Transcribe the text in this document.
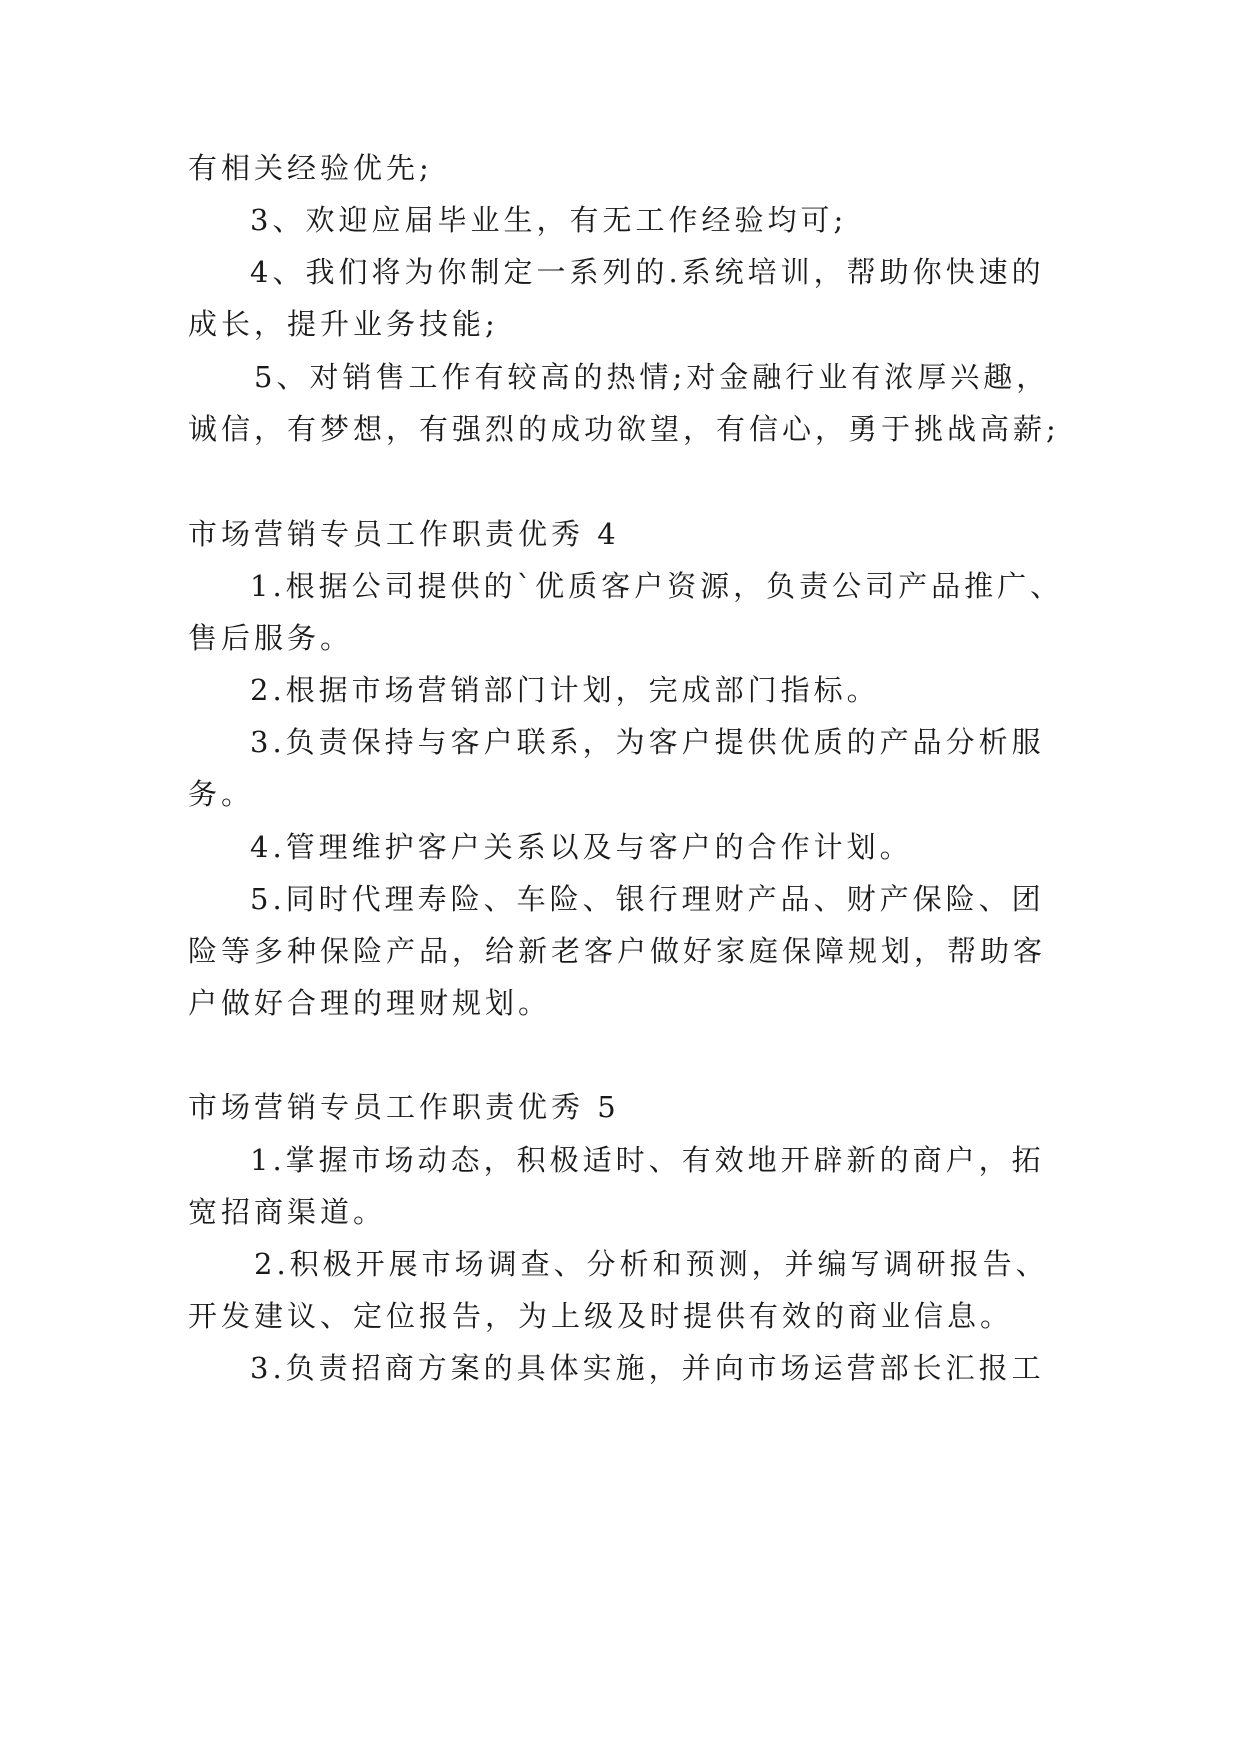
有相关经验优先;
3、欢迎应届毕业生，有无工作经验均可;
4、我们将为你制定一系列的.系统培训，帮助你快速的
成长，提升业务技能;
5、对销售工作有较高的热情;对金融行业有浓厚兴趣，
诚信，有梦想，有强烈的成功欲望，有信心，勇于挑战高薪;
市场营销专员工作职责优秀 4
1.根据公司提供的`优质客户资源，负责公司产品推广、
售后服务。
2.根据市场营销部门计划，完成部门指标。
3.负责保持与客户联系，为客户提供优质的产品分析服
务。
4.管理维护客户关系以及与客户的合作计划。
5.同时代理寿险、车险、银行理财产品、财产保险、团
险等多种保险产品，给新老客户做好家庭保障规划，帮助客
户做好合理的理财规划。
市场营销专员工作职责优秀 5
1.掌握市场动态，积极适时、有效地开辟新的商户，拓
宽招商渠道。
2.积极开展市场调查、分析和预测，并编写调研报告、
开发建议、定位报告，为上级及时提供有效的商业信息。
3.负责招商方案的具体实施，并向市场运营部长汇报工
